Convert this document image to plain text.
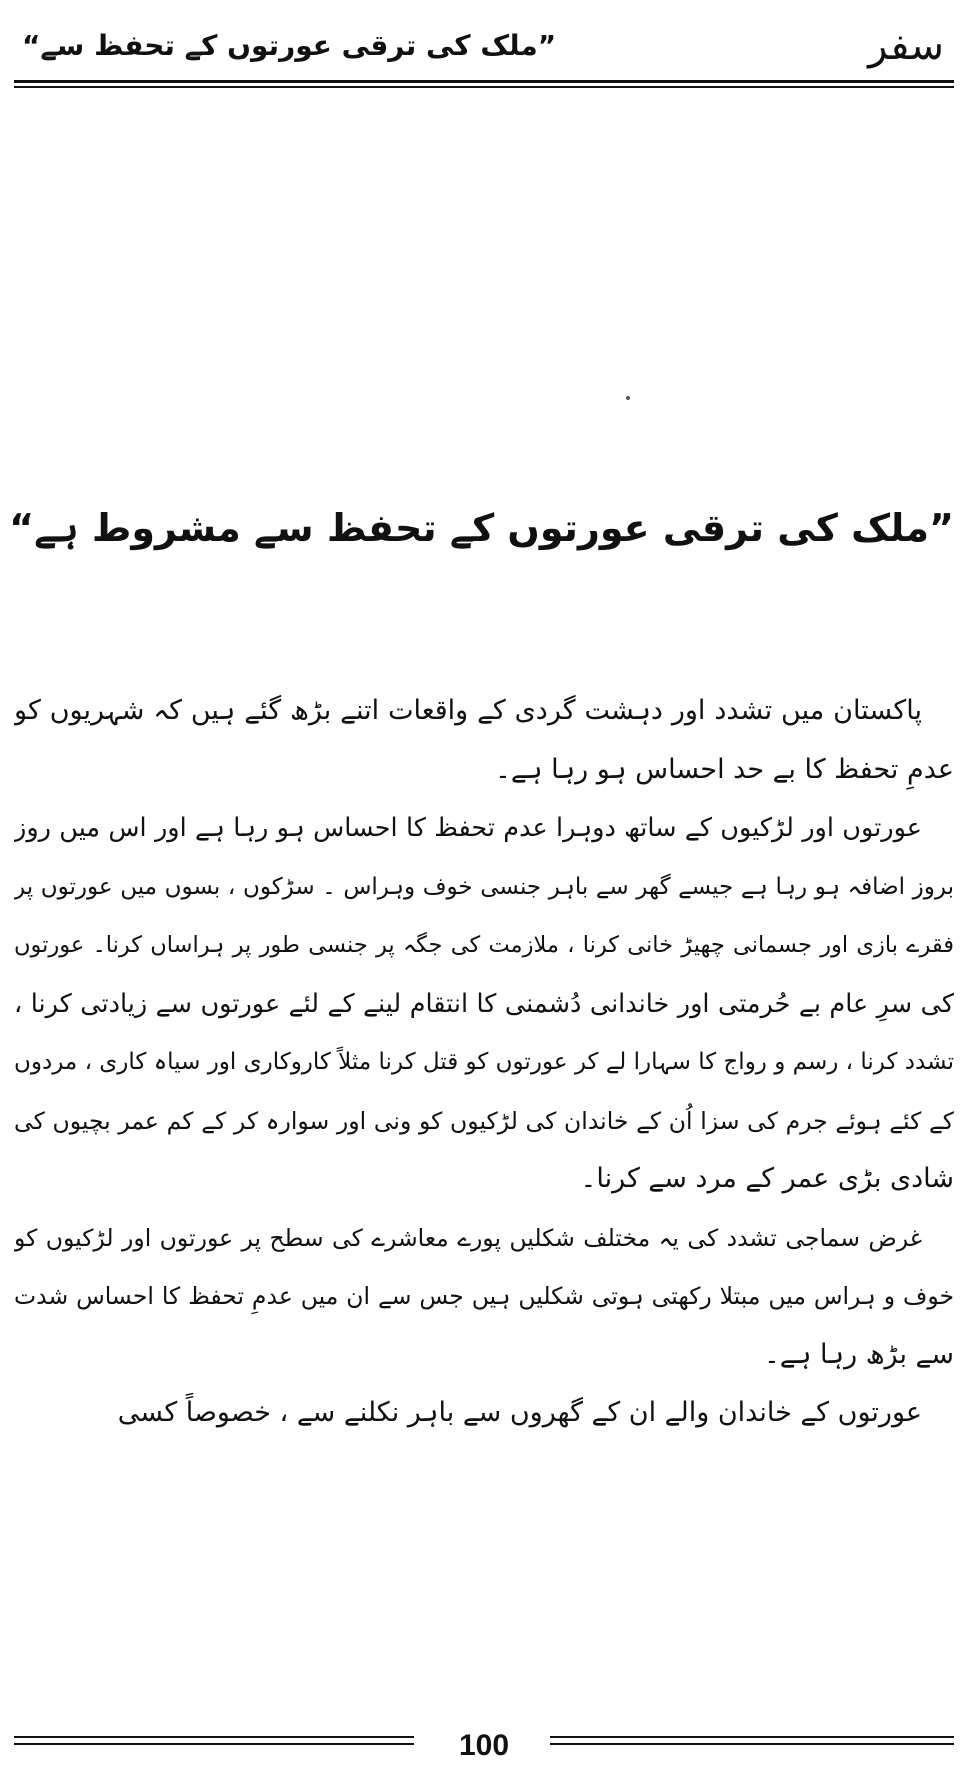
سفر
”ملک کی ترقی عورتوں کے تحفظ سے“
”ملک کی ترقی عورتوں کے تحفظ سے مشروط ہے“
پاکستان میں تشدد اور دہشت گردی کے واقعات اتنے بڑھ گئے ہیں کہ شہریوں کو
عدمِ تحفظ کا بے حد احساس ہو رہا ہے۔
عورتوں اور لڑکیوں کے ساتھ دوہرا عدم تحفظ کا احساس ہو رہا ہے اور اس میں روز
بروز اضافہ ہو رہا ہے جیسے گھر سے باہر جنسی خوف وہراس ۔ سڑکوں ، بسوں میں عورتوں پر
فقرے بازی اور جسمانی چھیڑ خانی کرنا ، ملازمت کی جگہ پر جنسی طور پر ہراساں کرنا۔ عورتوں
کی سرِ عام بے حُرمتی اور خاندانی دُشمنی کا انتقام لینے کے لئے عورتوں سے زیادتی کرنا ،
تشدد کرنا ، رسم و رواج کا سہارا لے کر عورتوں کو قتل کرنا مثلاً کاروکاری اور سیاہ کاری ، مردوں
کے کئے ہوئے جرم کی سزا اُن کے خاندان کی لڑکیوں کو ونی اور سوارہ کر کے کم عمر بچیوں کی
شادی بڑی عمر کے مرد سے کرنا۔
غرض سماجی تشدد کی یہ مختلف شکلیں پورے معاشرے کی سطح پر عورتوں اور لڑکیوں کو
خوف و ہراس میں مبتلا رکھتی ہوتی شکلیں ہیں جس سے ان میں عدمِ تحفظ کا احساس شدت
سے بڑھ رہا ہے۔
عورتوں کے خاندان والے ان کے گھروں سے باہر نکلنے سے ، خصوصاً کسی
100
